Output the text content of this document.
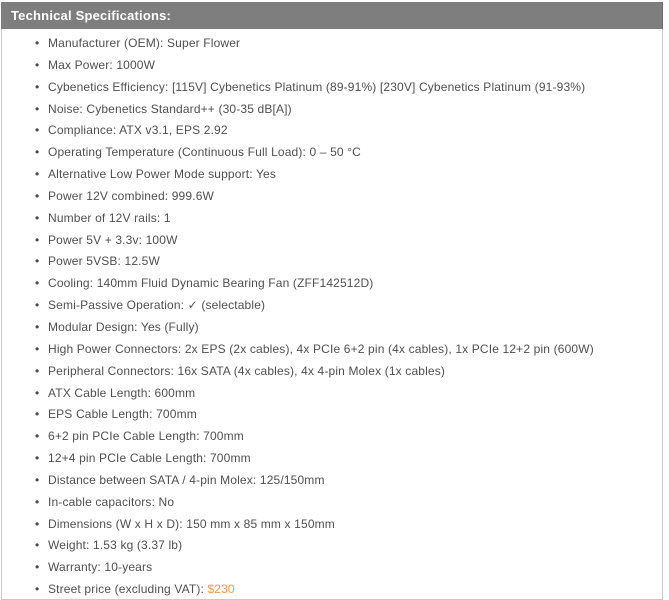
Technical Specifications:
• Manufacturer (OEM): Super Flower
• Max Power: 1000W
• Cybenetics Efficiency: [115V] Cybenetics Platinum (89-91%) [230V] Cybenetics Platinum (91-93%)
• Noise: Cybenetics Standard++ (30-35 dB[A])
• Compliance: ATX v3.1, EPS 2.92
• Operating Temperature (Continuous Full Load): 0 – 50 °C
• Alternative Low Power Mode support: Yes
• Power 12V combined: 999.6W
• Number of 12V rails: 1
• Power 5V + 3.3v: 100W
• Power 5VSB: 12.5W
• Cooling: 140mm Fluid Dynamic Bearing Fan (ZFF142512D)
• Semi-Passive Operation: ✓ (selectable)
• Modular Design: Yes (Fully)
• High Power Connectors: 2x EPS (2x cables), 4x PCIe 6+2 pin (4x cables), 1x PCIe 12+2 pin (600W)
• Peripheral Connectors: 16x SATA (4x cables), 4x 4-pin Molex (1x cables)
• ATX Cable Length: 600mm
• EPS Cable Length: 700mm
• 6+2 pin PCIe Cable Length: 700mm
• 12+4 pin PCIe Cable Length: 700mm
• Distance between SATA / 4-pin Molex: 125/150mm
• In-cable capacitors: No
• Dimensions (W x H x D): 150 mm x 85 mm x 150mm
• Weight: 1.53 kg (3.37 lb)
• Warranty: 10-years
• Street price (excluding VAT): $230
